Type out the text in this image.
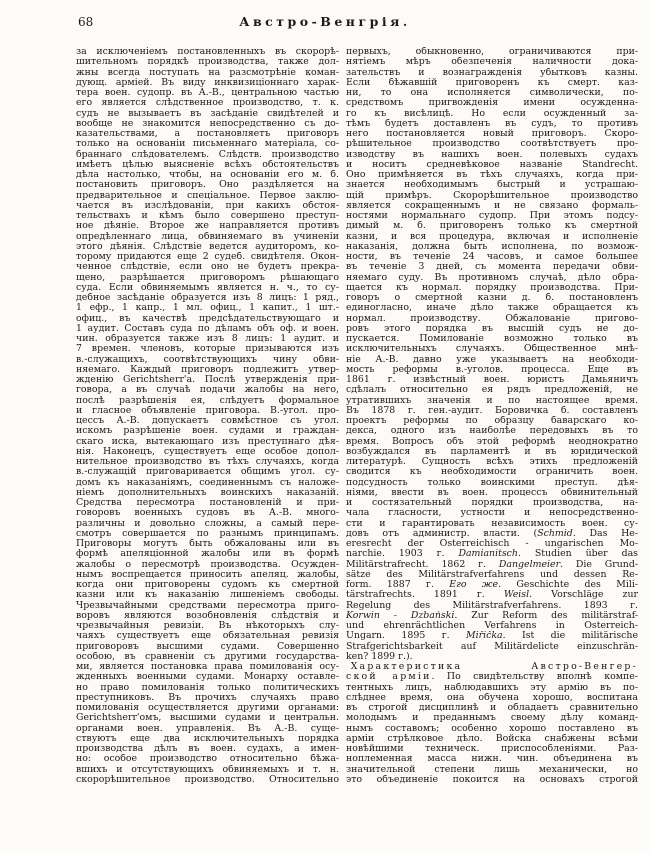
68	Австро-Венгрія.
за исключеніемъ постановленныхъ въ скорорѣ-
шительномъ порядкѣ производства, также дол-
жны всегда поступать на разсмотрѣніе коман-
дующ. арміей. Въ виду инквизиціоннаго харак-
тера воен. судопр. въ А.-В., центральною частью
его является слѣдственное производство, т. к.
судъ не вызываетъ въ засѣданіе свидѣтелей и
вообще не знакомится непосредственно съ до-
казательствами, а постановляетъ приговоръ
только на основаніи письменнаго матеріала, со-
браннаго слѣдователемъ. Слѣдств. производство
имѣетъ цѣлью выясненіе всѣхъ обстоятельствъ
дѣла настолько, чтобы, на основаніи его м. б.
постановить приговоръ. Оно раздѣляется на
предварительное и спеціальное. Первое заклю-
чается въ изслѣдованіи, при какихъ обстоя-
тельствахъ и кѣмъ было совершено преступ-
ное дѣяніе. Второе же направляется противъ
опредѣленнаго лица, обвиняемаго въ учиненіи
этого дѣянія. Слѣдствіе ведется аудиторомъ, ко-
торому придаются еще 2 судеб. свидѣтеля. Окон-
ченное слѣдствіе, если оно не будетъ прекра-
щено, разрѣшается приговоромъ рѣшающаго
суда. Если обвиняемымъ является н. ч., то су-
дебное засѣданіе образуется изъ 8 лицъ: 1 ряд.,
1 ефр., 1 капр., 1 мл. офиц., 1 капит., 1 шт.-
офиц., въ качествѣ предсѣдательствующаго и
1 аудит. Составъ суда по дѣламъ объ оф. и воен.
чин. образуется также изъ 8 лицъ: 1 аудит. и
7 времен. членовъ, которые призываются изъ
в.-служащихъ, соотвѣтствующихъ чину обви-
няемаго. Каждый приговоръ подлежитъ утвер-
жденію Gerichtsherr'а. Послѣ утвержденія при-
говора, а въ случаѣ подачи жалобы на него,
послѣ разрѣшенія ея, слѣдуетъ формальное
и гласное объявленіе приговора. В.-угол. про-
цессъ А.-В. допускаетъ совмѣстное съ угол.
искомъ разрѣшеніе воен. судами и граждан-
скаго иска, вытекающаго изъ преступнаго дѣя-
нія. Наконецъ, существуетъ еще особое допол-
нительное производство въ тѣхъ случаяхъ, когда
в.-служащій приговаривается общимъ угол. су-
домъ къ наказаніямъ, соединеннымъ съ наложе-
ніемъ дополнительныхъ воинскихъ наказаній.
Средства пересмотра постановленій и при-
говоровъ военныхъ судовъ въ А.-В. много-
различны и довольно сложны, а самый пере-
смотръ совершается по разнымъ принципамъ.
Приговоры могутъ быть обжалованы или въ
формѣ апеляціонной жалобы или въ формѣ
жалобы о пересмотрѣ производства. Осужден-
нымъ воспрещается приносить апеляц. жалобы,
когда они приговорены судомъ къ смертной
казни или къ наказанію лишеніемъ свободы.
Чрезвычайными средствами пересмотра приго-
воровъ являются возобновленія слѣдствія и
чрезвычайныя ревизіи. Въ нѣкоторыхъ слу-
чаяхъ существуетъ еще обязательная ревизія
приговоровъ высшими судами. Совершенно
особою, въ сравненіи съ другими государства-
ми, является постановка права помилованія осу-
жденныхъ военными судами. Монарху оставле-
но право помилованія только политическихъ
преступниковъ. Въ прочихъ случаяхъ право
помилованія осуществляется другими органами:
Gerichtsherr'омъ, высшими судами и центральн.
органами воен. управленія. Въ А.-В. суще-
ствуютъ еще два исключительныхъ порядка
производства дѣлъ въ воен. судахъ, а имен-
но: особое производство относительно бѣжа-
вшихъ и отсутствующихъ обвиняемыхъ и т. н.
скорорѣшительное производство. Относительно
первыхъ, обыкновенно, ограничиваются при-
нятіемъ мѣръ обезпеченія наличности дока-
зательствъ и вознагражденія убытковъ казны.
Если бѣжавшій приговоренъ къ смерт. каз-
ни, то она исполняется символически, по-
средствомъ пригвожденія имени осужденна-
го къ висѣлицѣ. Но если осужденный за-
тѣмъ будетъ доставленъ въ судъ, то противъ
него постановляется новый приговоръ. Скоро-
рѣшительное производство соотвѣтствуетъ про-
изводству въ нашихъ воен. полевыхъ судахъ
и носитъ средневѣковое названіе Standrecht.
Оно примѣняется въ тѣхъ случаяхъ, когда при-
знается необходимымъ быстрый и устрашаю-
щій примѣръ. Скорорѣшительное производство
является сокращеннымъ и не связано формаль-
ностями нормальнаго судопр. При этомъ подсу-
димый м. б. приговоренъ только къ смертной
казни, и вся процедура, включая и исполненіе
наказанія, должна быть исполнена, по возмож-
ности, въ теченіе 24 часовъ, и самое большее
въ теченіе 3 дней, съ момента передачи обви-
няемаго суду. Въ противномъ случаѣ, дѣло обра-
щается къ нормал. порядку производства. При-
говоръ о смертной казни д. б. постановленъ
единогласно, иначе дѣло также обращается къ
нормал. производству. Обжалованіе пригово-
ровъ этого порядка въ высшій судъ не до-
пускается. Помилованіе возможно только въ
исключительныхъ случаяхъ. Общественное мнѣ-
ніе А.-В. давно уже указываетъ на необходи-
мость реформы в.-уголов. процесса. Еще въ
1861 г. извѣстный воен. юристъ Дамьяничъ
сдѣлалъ относительно ея рядъ предложеній, не
утратившихъ значенія и по настоящее время.
Въ 1878 г. ген.-аудит. Боровичка б. составленъ
проектъ реформы по образцу баварскаго ко-
декса, одного изъ наиболѣе передовыхъ въ то
время. Вопросъ объ этой реформѣ неоднократно
возбуждался въ парламентѣ и въ юридической
литературѣ. Сущность всѣхъ этихъ предложеній
сводится къ необходимости ограничить воен.
подсудность только воинскими преступ. дѣя-
ніями, ввести въ воен. процессъ обвинительный
и состязательный порядки производства, на-
чала гласности, устности и непосредственно-
сти и гарантировать независимость воен. су-
довъ отъ администр. власти. (Schmid. Das He-
eresrecht der Österreichisch - ungarischen Mo-
narchie. 1903 г. Damianitsch. Studien über das
Militärstrafrecht. 1862 г. Dangelmeier. Die Grund-
sätze des Militärstrafverfahrens und dessen Re-
form. 1887 г. Его же. Geschichte des Mili-
tärstrafrechts. 1891 г. Weisl. Vorschläge zur
Regelung des Militärstrafverfahrens. 1893 г.
Korwin - Dzbański. Zur Reform des militärstraf-
und ehrenrächtlichen Verfahrens in Österreich-
Ungarn. 1895 г. Miřička. Ist die militärische
Strafgerichtsbarkeit auf Militärdelicte einzuschrän-
ken? 1899 г.).
 Характеристика Австро-Венгер-
ской арміи. По свидѣтельству вполнѣ компе-
тентныхъ лицъ, наблюдавшихъ эту армію въ по-
слѣднее время, она обучена хорошо, воспитана
въ строгой дисциплинѣ и обладаетъ сравнительно
молодымъ и преданнымъ своему дѣлу команд-
нымъ составомъ; особенно хорошо поставлено въ
арміи стрѣлковое дѣло. Войска снабжены всѣми
новѣйшими техническ. приспособленіями. Раз-
ноплеменная масса нижн. чин. объединена въ
значительной степени лишь механически, но
это объединеніе покоится на основахъ строгой
